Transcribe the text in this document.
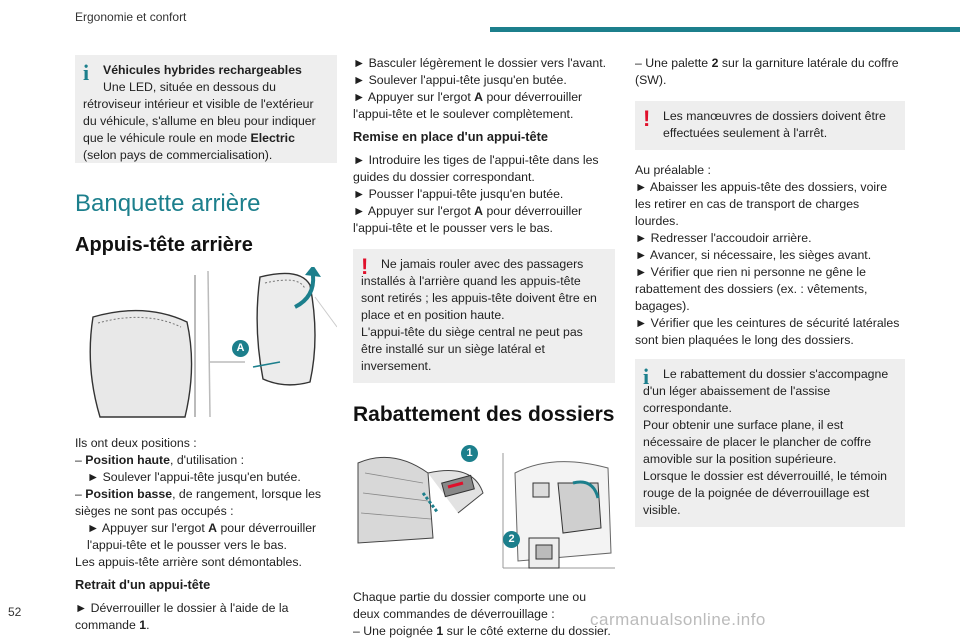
Ergonomie et confort
i	Véhicules hybrides rechargeables

Une LED, située en dessous du rétroviseur intérieur et visible de l'extérieur du véhicule, s'allume en bleu pour indiquer que le véhicule roule en mode Electric (selon pays de commercialisation).

Banquette arrière
Appuis-tête arrière
A

Ils ont deux positions :

– Position haute, d'utilisation :

► Soulever l'appui-tête jusqu'en butée.

– Position basse, de rangement, lorsque les sièges ne sont pas occupés :

► Appuyer sur l'ergot A pour déverrouiller l'appui-tête et le pousser vers le bas.

Les appuis-tête arrière sont démontables.

Retrait d'un appui-tête

► Déverrouiller le dossier à l'aide de la commande 1.

► Basculer légèrement le dossier vers l'avant.

► Soulever l'appui-tête jusqu'en butée.

► Appuyer sur l'ergot A pour déverrouiller l'appui-tête et le soulever complètement.

Remise en place d'un appui-tête

► Introduire les tiges de l'appui-tête dans les guides du dossier correspondant.

► Pousser l'appui-tête jusqu'en butée.

► Appuyer sur l'ergot A pour déverrouiller l'appui-tête et le pousser vers le bas.

!	Ne jamais rouler avec des passagers installés à l'arrière quand les appuis-tête sont retirés ; les appuis-tête doivent être en place et en position haute.

L'appui-tête du siège central ne peut pas être installé sur un siège latéral et inversement.

Rabattement des dossiers
1
2

Chaque partie du dossier comporte une ou deux commandes de déverrouillage :

– Une poignée 1 sur le côté externe du dossier.

– Une palette 2 sur la garniture latérale du coffre (SW).

!	Les manœuvres de dossiers doivent être effectuées seulement à l'arrêt.

Au préalable :

► Abaisser les appuis-tête des dossiers, voire les retirer en cas de transport de charges lourdes.

► Redresser l'accoudoir arrière.

► Avancer, si nécessaire, les sièges avant.

► Vérifier que rien ni personne ne gêne le rabattement des dossiers (ex. : vêtements, bagages).

► Vérifier que les ceintures de sécurité latérales sont bien plaquées le long des dossiers.

i	Le rabattement du dossier s'accompagne d'un léger abaissement de l'assise correspondante.

Pour obtenir une surface plane, il est nécessaire de placer le plancher de coffre amovible sur la position supérieure.

Lorsque le dossier est déverrouillé, le témoin rouge de la poignée de déverrouillage est visible.

52	carmanualsonline.info
